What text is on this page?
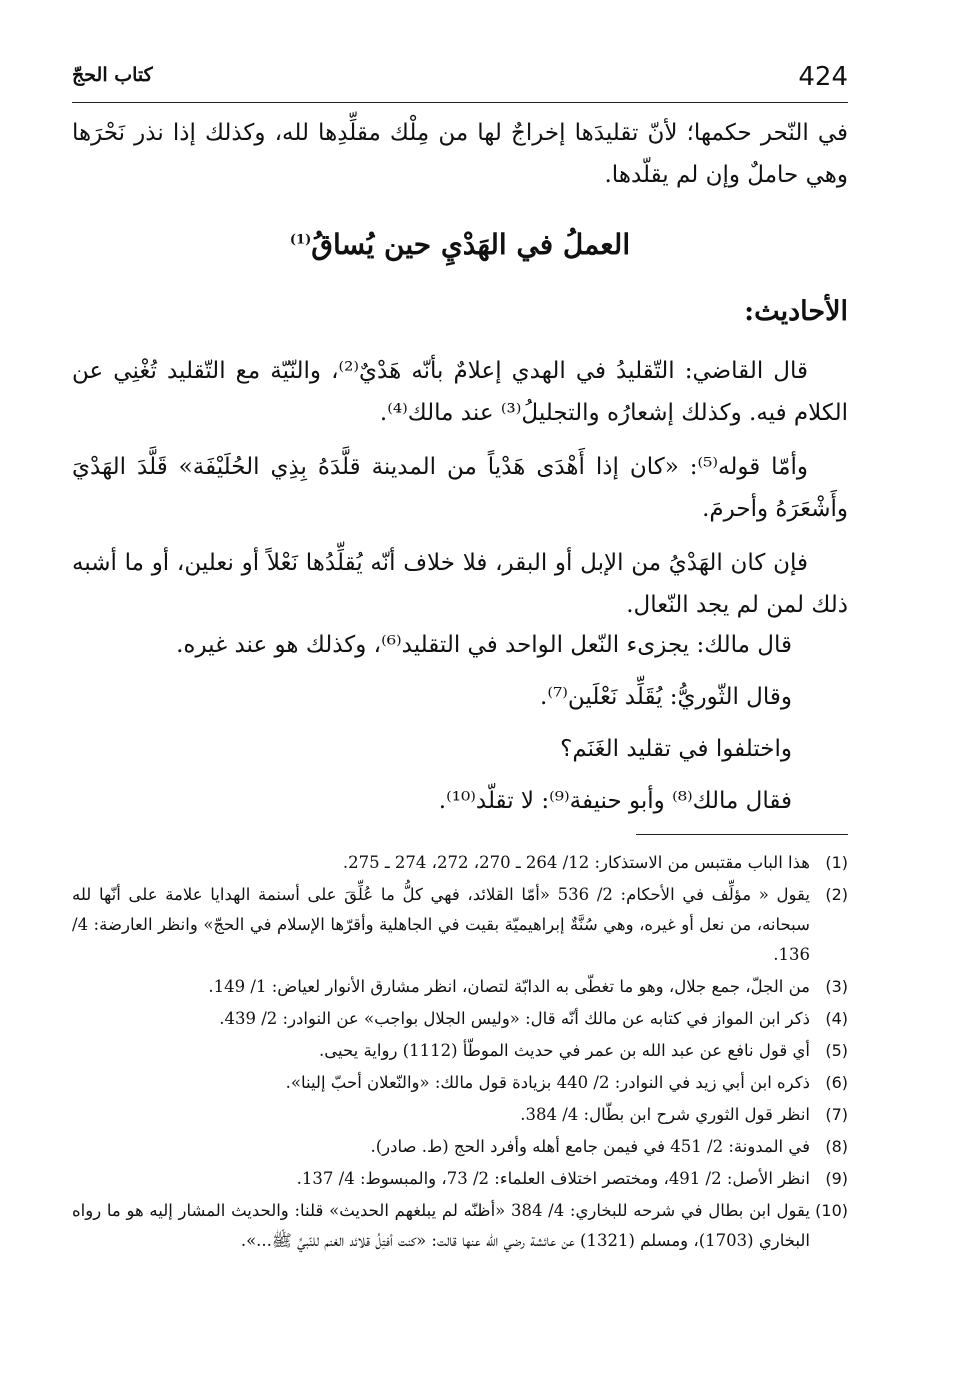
424
كتاب الحجّ
في النّحر حكمها؛ لأنّ تقليدَها إخراجٌ لها من مِلْك مقلِّدِها لله، وكذلك إذا نذر نَحْرَها وهي حاملٌ وإن لم يقلّدها.
العملُ في الهَدْيِ حين يُساقُ$^{(1)}$
الأحاديث:
قال القاضي: التّقليدُ في الهدي إعلامٌ بأنّه هَدْيٌ⁽²⁾، والنّيّة مع التّقليد تُغْنِي عن الكلام فيه. وكذلك إشعارُه والتجليلُ⁽³⁾ عند مالك⁽⁴⁾.
وأمّا قوله⁽⁵⁾: «كان إذا أَهْدَى هَدْياً من المدينة قلَّدَهُ بِذِي الحُلَيْفَة» قَلَّدَ الهَدْيَ وأَشْعَرَهُ وأحرمَ.
فإن كان الهَدْيُ من الإبل أو البقر، فلا خلاف أنّه يُقلِّدُها نَعْلاً أو نعلين، أو ما أشبه ذلك لمن لم يجد النّعال.
قال مالك: يجزىء النّعل الواحد في التقليد⁽⁶⁾، وكذلك هو عند غيره.
وقال الثّوريُّ: يُقَلِّد نَعْلَين⁽⁷⁾.
واختلفوا في تقليد الغَنَم؟
فقال مالك⁽⁸⁾ وأبو حنيفة⁽⁹⁾: لا تقلّد⁽¹⁰⁾.
(1)
هذا الباب مقتبس من الاستذكار: 12/ 264 ـ 270، 272، 274 ـ 275.
(2)
يقول « مؤلِّف في الأحكام: 2/ 536 «أمّا القلائد، فهي كلُّ ما عُلِّقَ على أسنمة الهدايا علامة على أنّها لله سبحانه، من نعل أو غيره، وهي سُنَّةٌ إبراهيميّة بقيت في الجاهلية وأقرّها الإسلام في الحجّ» وانظر العارضة: 4/ 136.
(3)
من الجلّ، جمع جلال، وهو ما تغطّى به الدابّة لتصان، انظر مشارق الأنوار لعياض: 1/ 149.
(4)
ذكر ابن المواز في كتابه عن مالك أنّه قال: «وليس الجلال بواجب» عن النوادر: 2/ 439.
(5)
أي قول نافع عن عبد الله بن عمر في حديث الموطّأ (1112) رواية يحيى.
(6)
ذكره ابن أبي زيد في النوادر: 2/ 440 بزيادة قول مالك: «والنّعلان أحبّ إلينا».
(7)
انظر قول الثوري شرح ابن بطّال: 4/ 384.
(8)
في المدونة: 2/ 451 في فيمن جامع أهله وأفرد الحج (ط. صادر).
(9)
انظر الأصل: 2/ 491، ومختصر اختلاف العلماء: 2/ 73، والمبسوط: 4/ 137.
(10)
يقول ابن بطال في شرحه للبخاري: 4/ 384 «أظنّه لم يبلغهم الحديث» قلنا: والحديث المشار إليه هو ما رواه البخاري (1703)، ومسلم (1321) عن عائشة رضي الله عنها قالت: «كنت أفتِلُ قلائد الغنم للنّبيِّ ﷺ...».
